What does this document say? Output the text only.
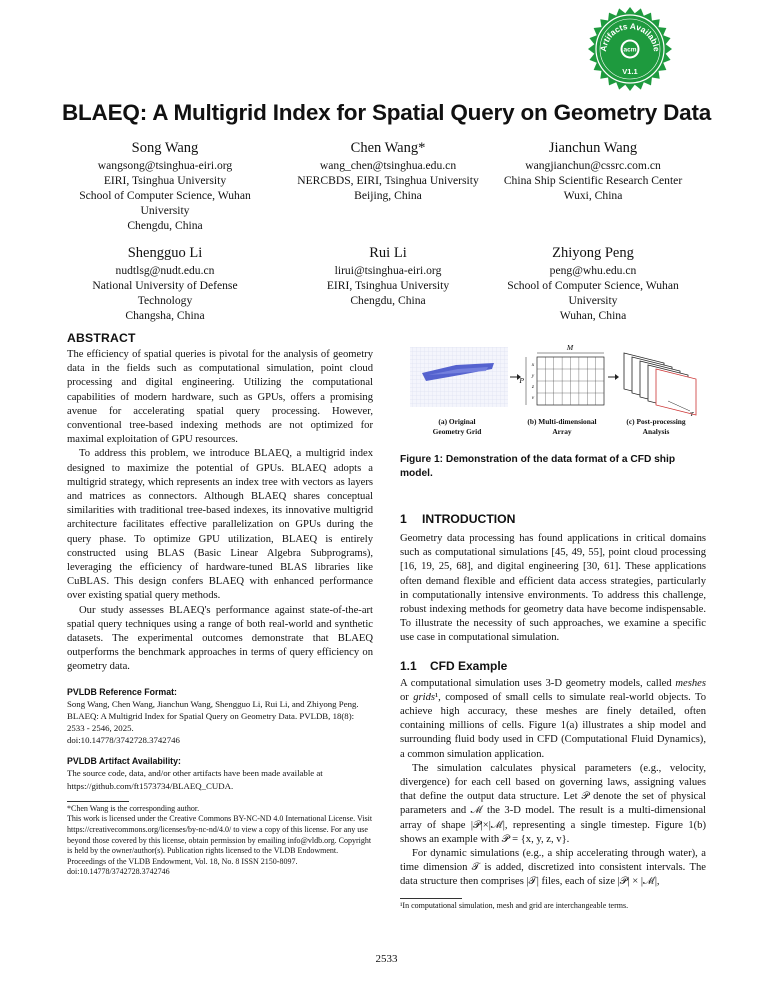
Artifacts Available
acm
V1.1
BLAEQ: A Multigrid Index for Spatial Query on Geometry Data
Song Wang
wangsong@tsinghua-eiri.org
EIRI, Tsinghua University
School of Computer Science, Wuhan
University
Chengdu, China
Chen Wang*
wang_chen@tsinghua.edu.cn
NERCBDS, EIRI, Tsinghua University
Beijing, China
Jianchun Wang
wangjianchun@cssrc.com.cn
China Ship Scientific Research Center
Wuxi, China
Shengguo Li
nudtlsg@nudt.edu.cn
National University of Defense
Technology
Changsha, China
Rui Li
lirui@tsinghua-eiri.org
EIRI, Tsinghua University
Chengdu, China
Zhiyong Peng
peng@whu.edu.cn
School of Computer Science, Wuhan
University
Wuhan, China
ABSTRACT

The efficiency of spatial queries is pivotal for the analysis of geometry data in the fields such as computational simulation, point cloud processing and digital engineering. Utilizing the computational capabilities of modern hardware, such as GPUs, offers a promising avenue for accelerating spatial query processing. However, conventional tree-based indexing methods are not optimized for maximal exploitation of GPU resources.

To address this problem, we introduce BLAEQ, a multigrid index designed to maximize the potential of GPUs. BLAEQ adopts a multigrid strategy, which represents an index tree with vectors as layers and matrices as connectors. Although BLAEQ shares conceptual similarities with traditional tree-based indexes, its innovative multigrid architecture facilitates effective parallelization on GPUs during the query phase. To optimize GPU utilization, BLAEQ is entirely constructed using BLAS (Basic Linear Algebra Subprograms), leveraging the efficiency of hardware-tuned BLAS libraries like CuBLAS. This design confers BLAEQ with enhanced performance over existing spatial query methods.

Our study assesses BLAEQ's performance against state-of-the-art spatial query techniques using a range of both real-world and synthetic datasets. The experimental outcomes demonstrate that BLAEQ outperforms the benchmark approaches in terms of query efficiency on geometry data.

PVLDB Reference Format:
Song Wang, Chen Wang, Jianchun Wang, Shengguo Li, Rui Li, and Zhiyong Peng. BLAEQ: A Multigrid Index for Spatial Query on Geometry Data. PVLDB, 18(8): 2533 - 2546, 2025.
doi:10.14778/3742728.3742746
PVLDB Artifact Availability:
The source code, data, and/or other artifacts have been made available at https://github.com/ft1573734/BLAEQ_CUDA.
*Chen Wang is the corresponding author.
This work is licensed under the Creative Commons BY-NC-ND 4.0 International License. Visit https://creativecommons.org/licenses/by-nc-nd/4.0/ to view a copy of this license. For any use beyond those covered by this license, obtain permission by emailing info@vldb.org. Copyright is held by the owner/author(s). Publication rights licensed to the VLDB Endowment.
Proceedings of the VLDB Endowment, Vol. 18, No. 8 ISSN 2150-8097.
doi:10.14778/3742728.3742746
M
P
x
y
z
v
T
(a) Original
Geometry Grid
(b) Multi-dimensional
Array
(c) Post-processing
Analysis
Figure 1: Demonstration of the data format of a CFD ship model.
1 INTRODUCTION

Geometry data processing has found applications in critical domains such as computational simulations [45, 49, 55], point cloud processing [16, 19, 25, 68], and digital engineering [30, 61]. These applications often demand flexible and efficient data access strategies, particularly in computationally intensive environments. To address this challenge, robust indexing methods for geometry data have become indispensable. To illustrate the necessity of such approaches, we examine a specific use case in computational simulation.

1.1 CFD Example

A computational simulation uses 3-D geometry models, called meshes or grids¹, composed of small cells to simulate real-world objects. To achieve high accuracy, these meshes are finely detailed, often containing millions of cells. Figure 1(a) illustrates a ship model and surrounding fluid body used in CFD (Computational Fluid Dynamics), a common simulation application.

The simulation calculates physical parameters (e.g., velocity, divergence) for each cell based on governing laws, assigning values that define the output data structure. Let 𝒫 denote the set of physical parameters and ℳ the 3-D model. The result is a multi-dimensional array of shape |𝒫|×|ℳ|, representing a single timestep. Figure 1(b) shows an example with 𝒫 = {x, y, z, v}.

For dynamic simulations (e.g., a ship accelerating through water), a time dimension 𝒯 is added, discretized into consistent intervals. The data structure then comprises |𝒯| files, each of size |𝒫| × |ℳ|,

¹In computational simulation, mesh and grid are interchangeable terms.
2533
